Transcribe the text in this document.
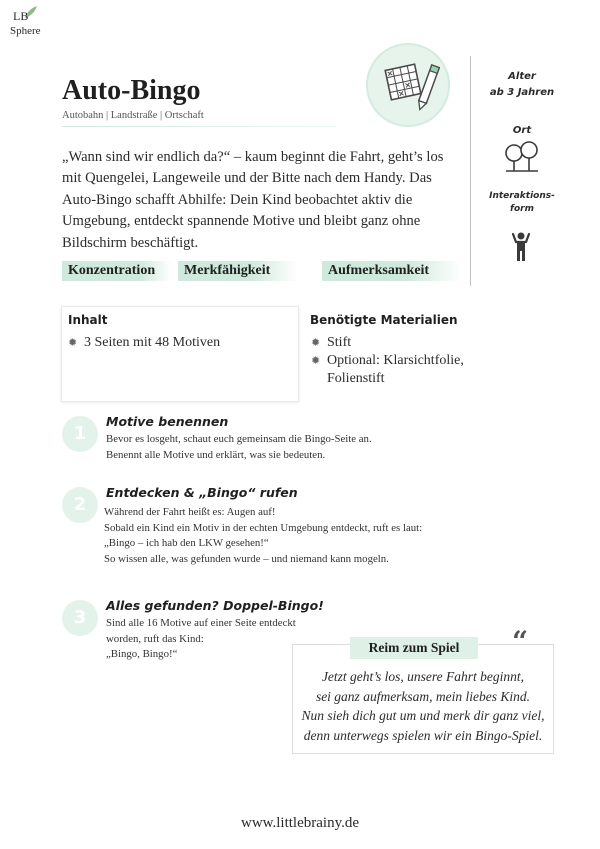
LB
Sphere
Auto-Bingo
Autobahn | Landstraße | Ortschaft
Alter
ab 3 Jahren
Ort
Interaktions-
form
„Wann sind wir endlich da?“ – kaum beginnt die Fahrt, geht’s los mit Quengelei, Langeweile und der Bitte nach dem Handy. Das Auto-Bingo schafft Abhilfe: Dein Kind beobachtet aktiv die Umgebung, entdeckt spannende Motive und bleibt ganz ohne Bildschirm beschäftigt.
Konzentration	Merkfähigkeit	Aufmerksamkeit
Inhalt
✹ 3 Seiten mit 48 Motiven
Benötigte Materialien
✹ Stift
✹ Optional: Klarsichtfolie, Folienstift
1
Motive benennen
Bevor es losgeht, schaut euch gemeinsam die Bingo-Seite an.
Benennt alle Motive und erklärt, was sie bedeuten.
2
Entdecken & „Bingo“ rufen
Während der Fahrt heißt es: Augen auf!
Sobald ein Kind ein Motiv in der echten Umgebung entdeckt, ruft es laut:
„Bingo – ich hab den LKW gesehen!“
So wissen alle, was gefunden wurde – und niemand kann mogeln.
3
Alles gefunden? Doppel-Bingo!
Sind alle 16 Motive auf einer Seite entdeckt
worden, ruft das Kind:
„Bingo, Bingo!“	Reim zum Spiel	“
Jetzt geht’s los, unsere Fahrt beginnt,
sei ganz aufmerksam, mein liebes Kind.
Nun sieh dich gut um und merk dir ganz viel,
denn unterwegs spielen wir ein Bingo-Spiel.
www.littlebrainy.de
